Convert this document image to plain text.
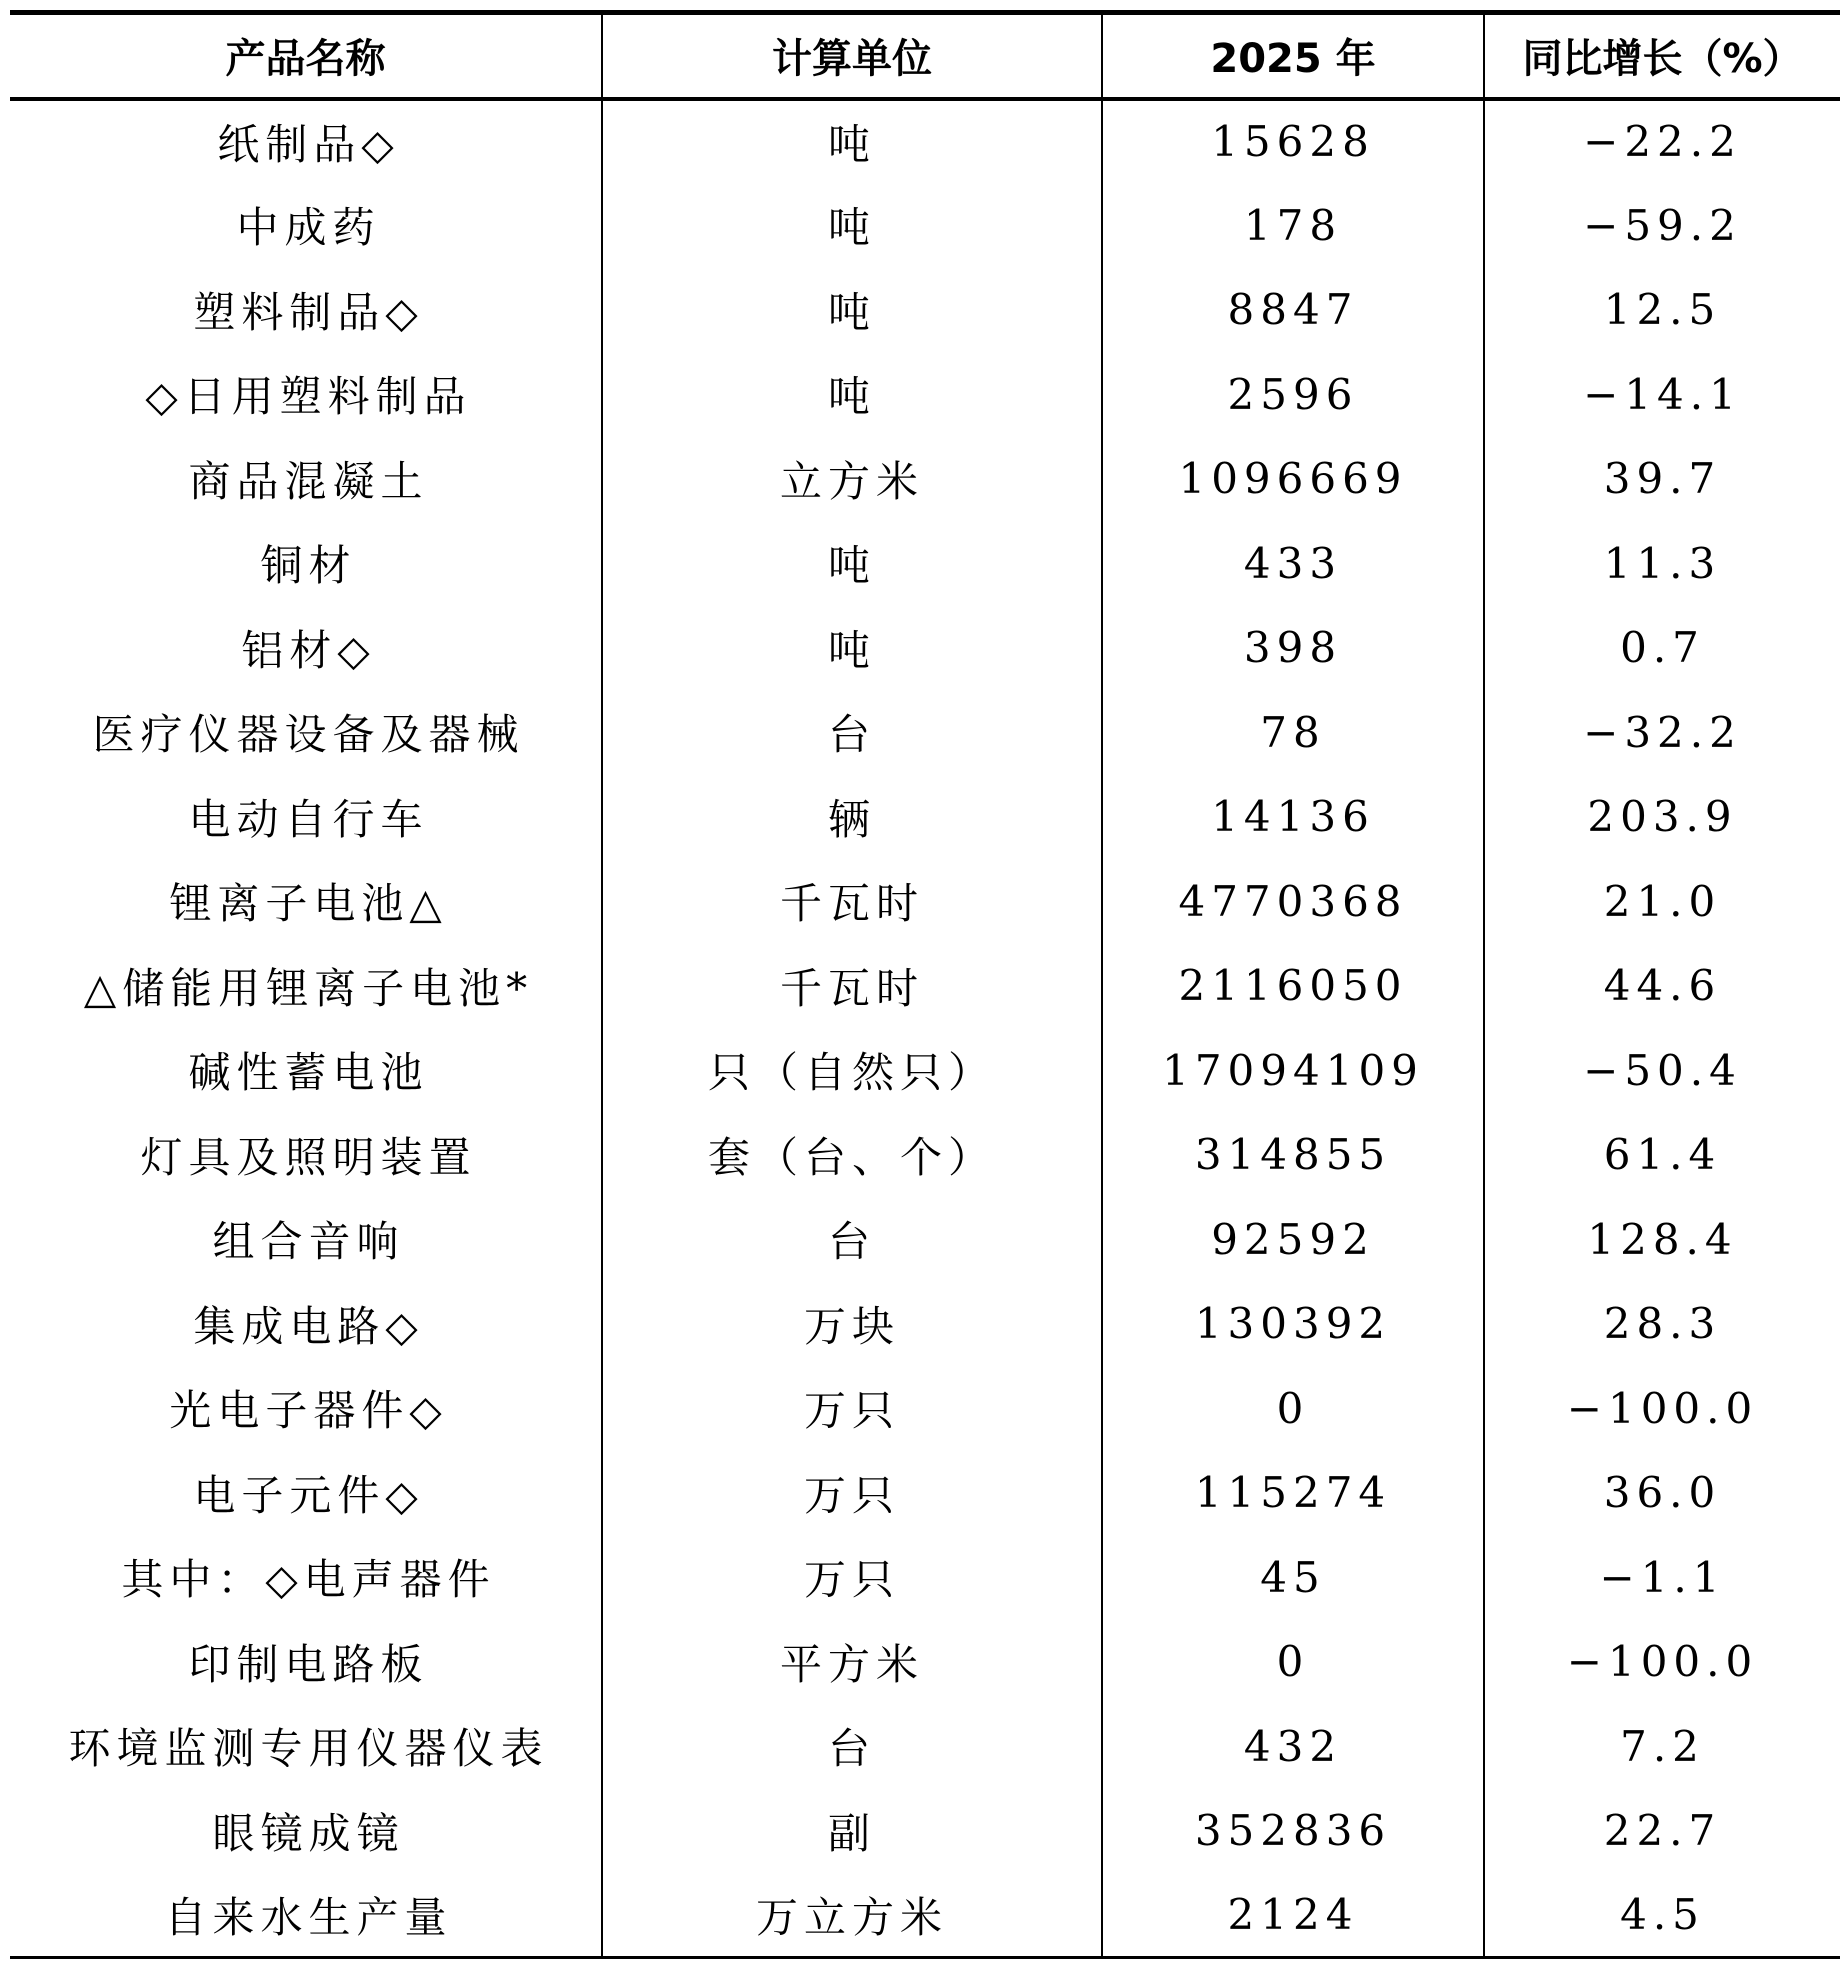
产品名称	计算单位	2025 年	同比增长（%）
纸制品◇	吨	15628	−22.2
中成药	吨	178	−59.2
塑料制品◇	吨	8847	12.5
◇日用塑料制品	吨	2596	−14.1
商品混凝土	立方米	1096669	39.7
铜材	吨	433	11.3
铝材◇	吨	398	0.7
医疗仪器设备及器械	台	78	−32.2
电动自行车	辆	14136	203.9
锂离子电池△	千瓦时	4770368	21.0
△储能用锂离子电池*	千瓦时	2116050	44.6
碱性蓄电池	只（自然只）	17094109	−50.4
灯具及照明装置	套（台、个）	314855	61.4
组合音响	台	92592	128.4
集成电路◇	万块	130392	28.3
光电子器件◇	万只	0	−100.0
电子元件◇	万只	115274	36.0
其中：◇电声器件	万只	45	−1.1
印制电路板	平方米	0	−100.0
环境监测专用仪器仪表	台	432	7.2
眼镜成镜	副	352836	22.7
自来水生产量	万立方米	2124	4.5
